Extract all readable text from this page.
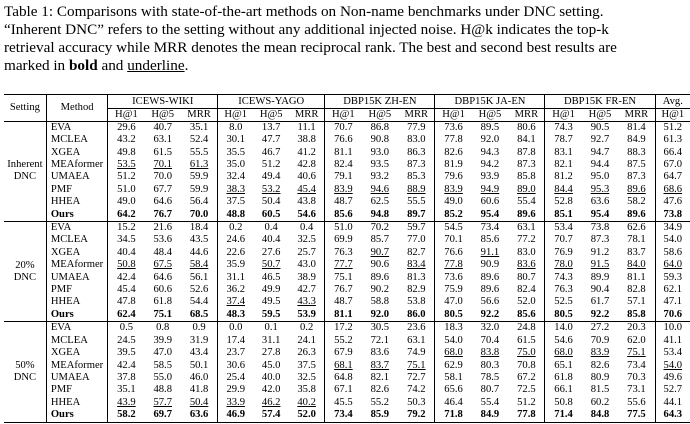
Table 1: Comparisons with state-of-the-art methods on Non-name benchmarks under DNC setting.
“Inherent DNC” refers to the setting without any additional injected noise. H@k indicates the top-k
retrieval accuracy while MRR denotes the mean reciprocal rank. The best and second best results are
marked in bold and underline.
Setting	Method	ICEWS-WIKI			ICEWS-YAGO			DBP15K ZH-EN			DBP15K JA-EN			DBP15K FR-EN			Avg.
		H@1	H@5	MRR	H@1	H@5	MRR	H@1	H@5	MRR	H@1	H@5	MRR	H@1	H@5	MRR	H@1

Inherent
DNC	EVA	29.6	40.7	35.1	8.0	13.7	11.1	70.7	86.8	77.9	73.6	89.5	80.6	74.3	90.5	81.4	51.2
	MCLEA	43.2	63.1	52.4	30.1	47.7	38.8	76.6	90.8	83.0	77.8	92.0	84.1	78.7	92.7	84.9	61.3
	XGEA	49.8	61.5	55.5	35.5	46.7	41.2	81.1	93.0	86.3	82.6	94.3	87.8	83.1	94.7	88.3	66.4
	MEAformer	53.5	70.1	61.3	35.0	51.2	42.8	82.4	93.5	87.3	81.9	94.2	87.3	82.1	94.4	87.5	67.0
	UMAEA	51.2	70.0	59.9	32.4	49.4	40.6	79.1	93.2	85.3	79.6	93.9	85.8	81.2	95.0	87.3	64.7
	PMF	51.0	67.7	59.9	38.3	53.2	45.4	83.9	94.6	88.9	83.9	94.9	89.0	84.4	95.3	89.6	68.6
	HHEA	49.0	64.6	56.4	37.5	50.4	43.8	48.7	62.5	55.5	49.0	60.6	55.4	52.8	63.6	58.2	47.6
	Ours	64.2	76.7	70.0	48.8	60.5	54.6	85.6	94.8	89.7	85.2	95.4	89.6	85.1	95.4	89.6	73.8

20%
DNC	EVA	15.2	21.6	18.4	0.2	0.4	0.4	51.0	70.2	59.7	54.5	73.4	63.1	53.4	73.8	62.6	34.9
	MCLEA	34.5	53.6	43.5	24.6	40.4	32.5	69.9	85.7	77.0	70.1	85.6	77.2	70.7	87.3	78.1	54.0
	XGEA	40.4	48.4	44.6	22.6	27.6	25.7	76.3	90.7	82.7	76.6	91.1	83.0	76.9	91.2	83.7	58.6
	MEAformer	50.8	67.5	58.4	35.9	50.7	43.0	77.7	90.6	83.4	77.8	90.9	83.6	78.0	91.5	84.0	64.0
	UMAEA	42.4	64.6	56.1	31.1	46.5	38.9	75.1	89.6	81.3	73.6	89.6	80.7	74.3	89.9	81.1	59.3
	PMF	45.4	60.6	52.6	36.2	49.9	42.7	76.7	90.2	82.9	75.9	89.6	82.4	76.3	90.4	82.8	62.1
	HHEA	47.8	61.8	54.4	37.4	49.5	43.3	48.7	58.8	53.8	47.0	56.6	52.0	52.5	61.7	57.1	47.1
	Ours	62.4	75.1	68.5	48.3	59.5	53.9	81.1	92.0	86.0	80.5	92.2	85.6	80.5	92.2	85.8	70.6

50%
DNC	EVA	0.5	0.8	0.9	0.0	0.1	0.2	17.2	30.5	23.6	18.3	32.0	24.8	14.0	27.2	20.3	10.0
	MCLEA	24.5	39.9	31.9	17.4	31.1	24.1	55.2	72.1	63.1	54.0	70.4	61.5	54.6	70.9	62.0	41.1
	XGEA	39.5	47.0	43.4	23.7	27.8	26.3	67.9	83.6	74.9	68.0	83.8	75.0	68.0	83.9	75.1	53.4
	MEAformer	42.4	58.5	50.1	30.6	45.0	37.5	68.1	83.7	75.1	62.9	80.3	70.8	65.1	82.6	73.4	54.0
	UMAEA	37.8	55.0	46.0	25.4	40.0	32.5	64.8	82.1	72.7	58.1	78.5	67.2	61.8	80.9	70.3	49.6
	PMF	35.1	48.8	41.8	29.9	42.0	35.8	67.1	82.6	74.2	65.6	80.7	72.5	66.1	81.5	73.1	52.7
	HHEA	43.9	57.7	50.4	33.9	46.2	40.2	45.5	55.2	50.3	46.4	55.4	51.2	50.8	60.2	55.6	44.1
	Ours	58.2	69.7	63.6	46.9	57.4	52.0	73.4	85.9	79.2	71.8	84.9	77.8	71.4	84.8	77.5	64.3
